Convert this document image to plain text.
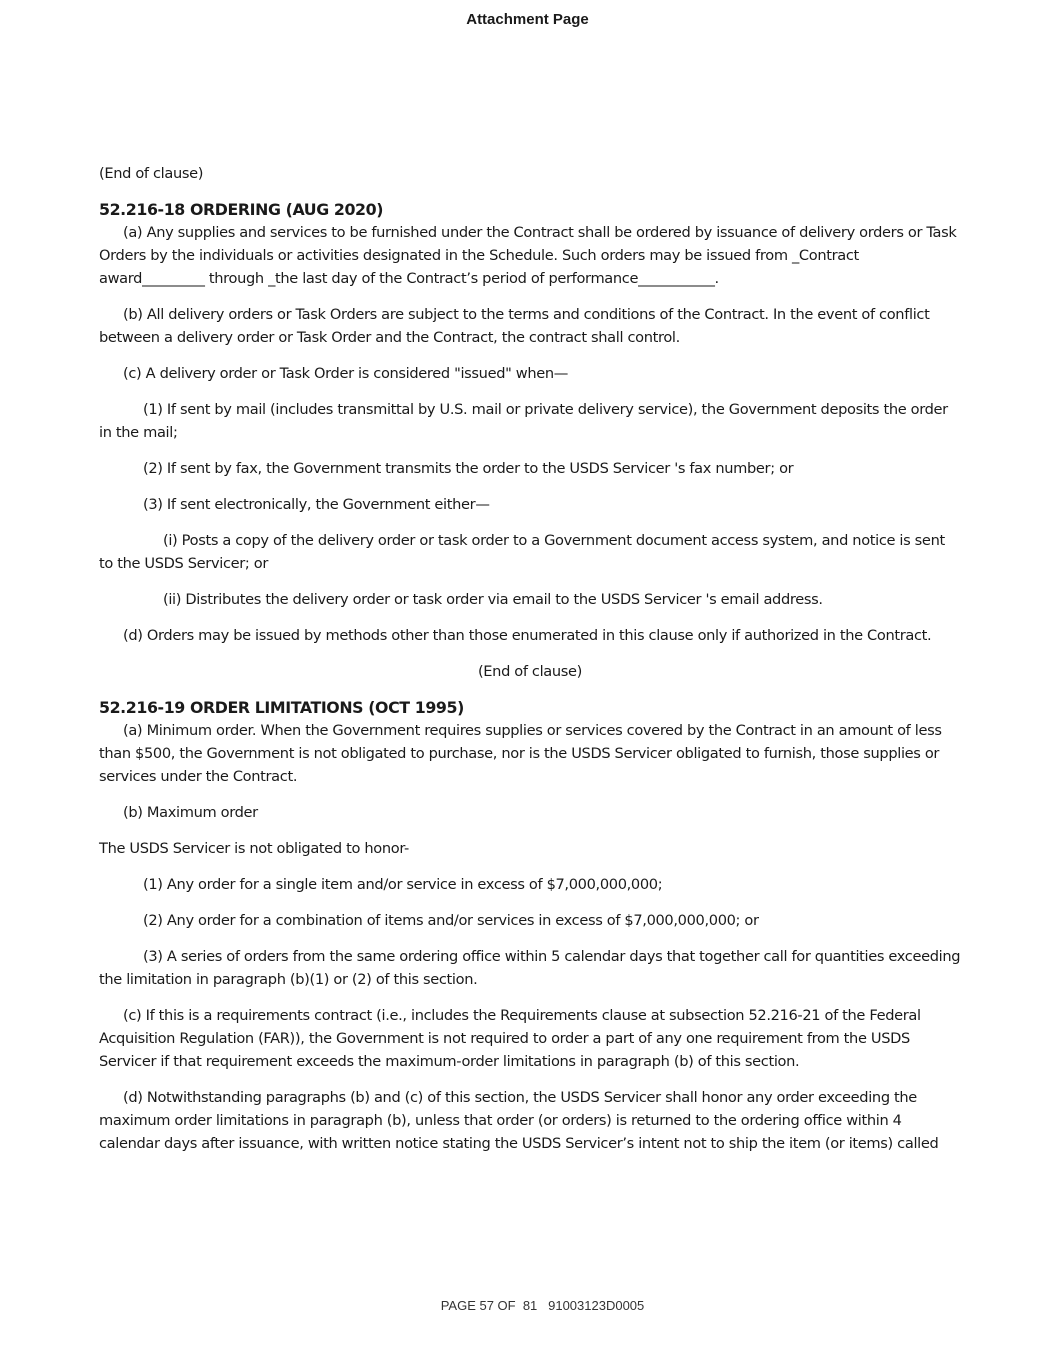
Attachment Page

(End of clause)

52.216-18 ORDERING (AUG 2020)

(a) Any supplies and services to be furnished under the Contract shall be ordered by issuance of delivery orders or Task Orders by the individuals or activities designated in the Schedule. Such orders may be issued from _Contract award_________ through _the last day of the Contract’s period of performance___________.

(b) All delivery orders or Task Orders are subject to the terms and conditions of the Contract. In the event of conflict between a delivery order or Task Order and the Contract, the contract shall control.

(c) A delivery order or Task Order is considered "issued" when—

(1) If sent by mail (includes transmittal by U.S. mail or private delivery service), the Government deposits the order in the mail;

(2) If sent by fax, the Government transmits the order to the USDS Servicer 's fax number; or

(3) If sent electronically, the Government either—

(i) Posts a copy of the delivery order or task order to a Government document access system, and notice is sent to the USDS Servicer; or

(ii) Distributes the delivery order or task order via email to the USDS Servicer 's email address.

(d) Orders may be issued by methods other than those enumerated in this clause only if authorized in the Contract.

(End of clause)

52.216-19 ORDER LIMITATIONS (OCT 1995)

(a) Minimum order. When the Government requires supplies or services covered by the Contract in an amount of less than $500, the Government is not obligated to purchase, nor is the USDS Servicer obligated to furnish, those supplies or services under the Contract.

(b) Maximum order

The USDS Servicer is not obligated to honor-

(1) Any order for a single item and/or service in excess of $7,000,000,000;

(2) Any order for a combination of items and/or services in excess of $7,000,000,000; or

(3) A series of orders from the same ordering office within 5 calendar days that together call for quantities exceeding the limitation in paragraph (b)(1) or (2) of this section.

(c) If this is a requirements contract (i.e., includes the Requirements clause at subsection 52.216-21 of the Federal Acquisition Regulation (FAR)), the Government is not required to order a part of any one requirement from the USDS Servicer if that requirement exceeds the maximum-order limitations in paragraph (b) of this section.

(d) Notwithstanding paragraphs (b) and (c) of this section, the USDS Servicer shall honor any order exceeding the maximum order limitations in paragraph (b), unless that order (or orders) is returned to the ordering office within 4 calendar days after issuance, with written notice stating the USDS Servicer’s intent not to ship the item (or items) called

PAGE 57 OF  81   91003123D0005
